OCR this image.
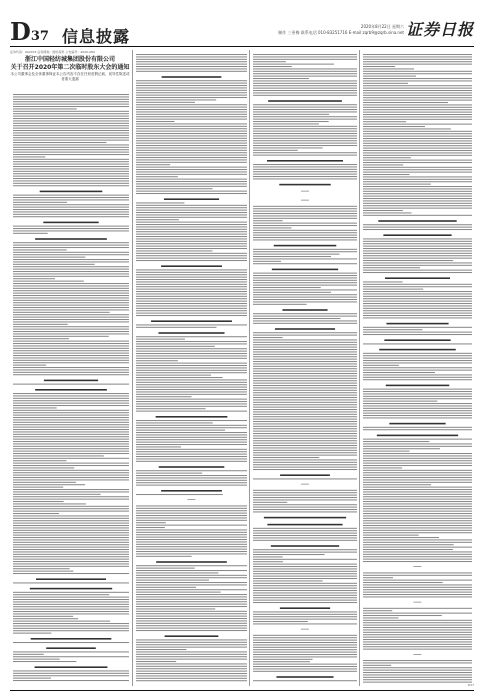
D37 信息披露
2020年8月22日 星期六
制作 三更梅 联系电话 010-83251716 E-mail zqrb9@zqrb.sina.net 证券日报
证券代码：002074 证券简称：国轩高科 公告编号：2020-084
浙江中国轻纺城集团股份有限公司
关于召开2020年第二次临时股东大会的通知
本公司董事会及全体董事保证本公告内容不存在任何虚假记载、误导性陈述或者重大遗漏
D37
